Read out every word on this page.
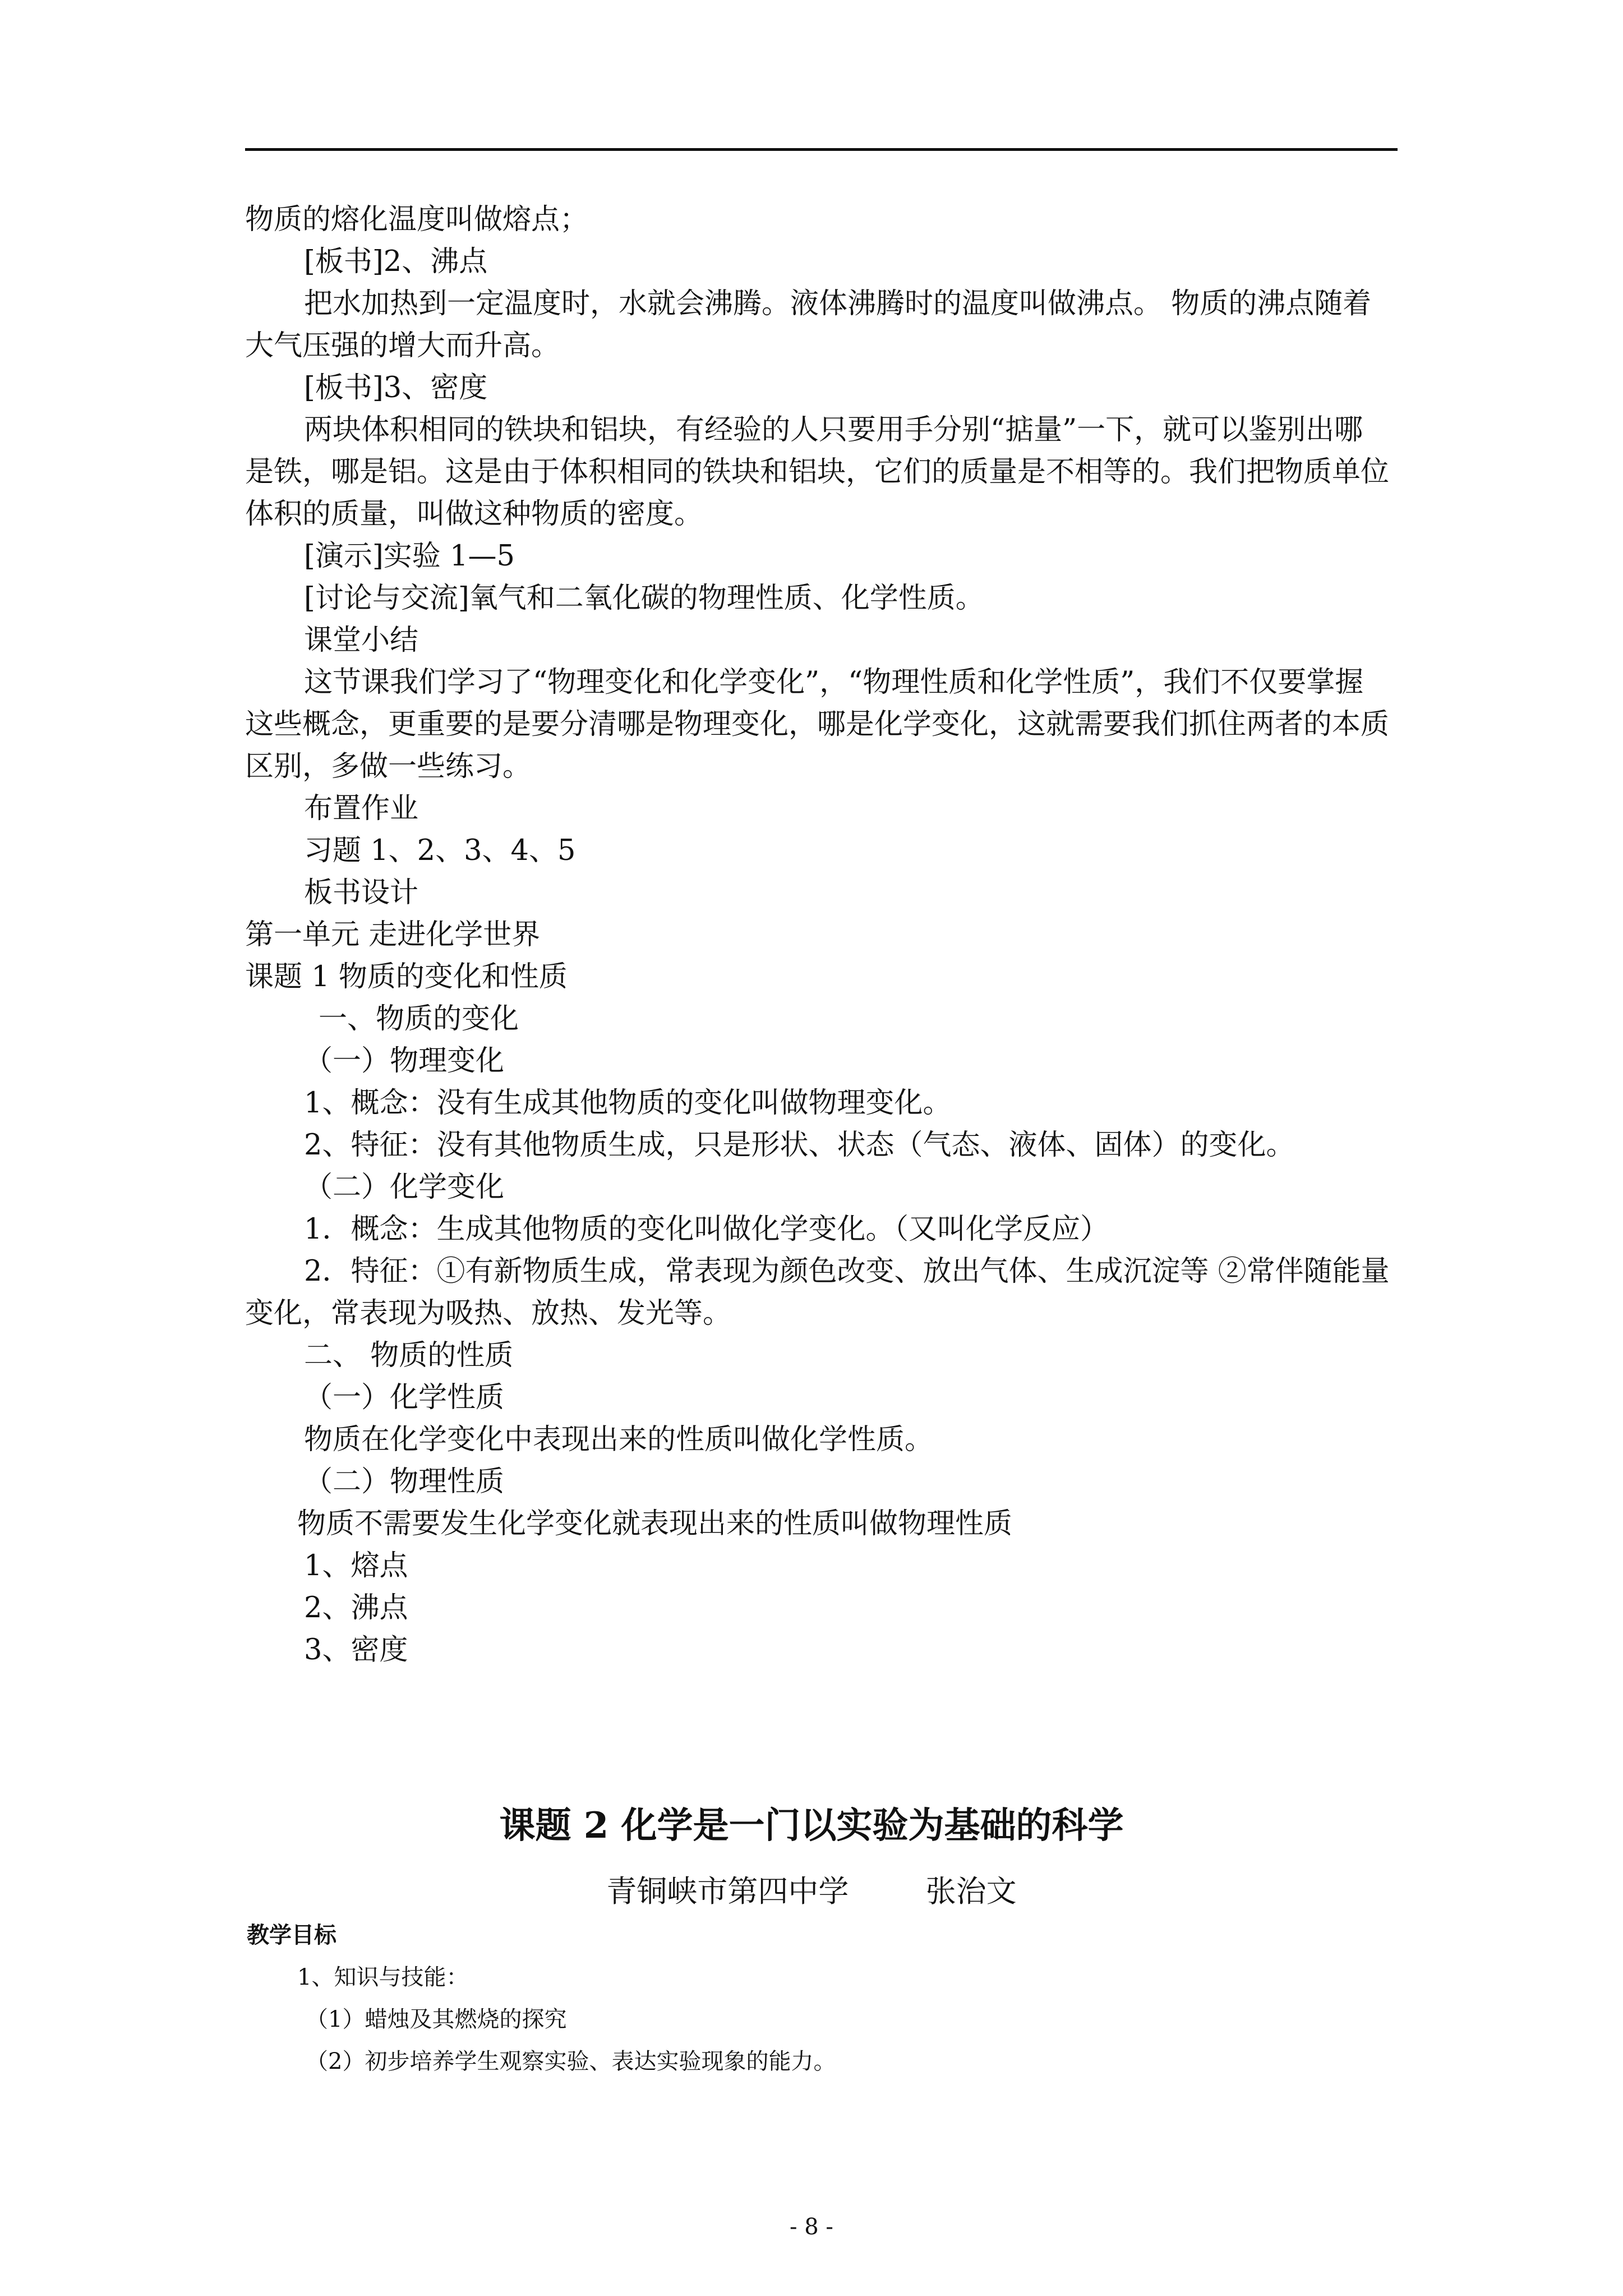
物质的熔化温度叫做熔点；
[板书]2、沸点
把水加热到一定温度时，水就会沸腾。液体沸腾时的温度叫做沸点。 物质的沸点随着
大气压强的增大而升高。
[板书]3、密度
两块体积相同的铁块和铝块，有经验的人只要用手分别“掂量”一下，就可以鉴别出哪
是铁，哪是铝。这是由于体积相同的铁块和铝块，它们的质量是不相等的。我们把物质单位
体积的质量，叫做这种物质的密度。
[演示]实验 1—5
[讨论与交流]氧气和二氧化碳的物理性质、化学性质。
课堂小结
这节课我们学习了“物理变化和化学变化”，“物理性质和化学性质”，我们不仅要掌握
这些概念，更重要的是要分清哪是物理变化，哪是化学变化，这就需要我们抓住两者的本质
区别，多做一些练习。
布置作业
习题 1、2、3、4、5
板书设计
第一单元 走进化学世界
课题 1 物质的变化和性质
一、物质的变化
（一）物理变化
1、概念：没有生成其他物质的变化叫做物理变化。
2、特征：没有其他物质生成，只是形状、状态（气态、液体、固体）的变化。
（二）化学变化
1．概念：生成其他物质的变化叫做化学变化。（又叫化学反应）
2．特征：①有新物质生成，常表现为颜色改变、放出气体、生成沉淀等 ②常伴随能量
变化，常表现为吸热、放热、发光等。
二、 物质的性质
（一）化学性质
物质在化学变化中表现出来的性质叫做化学性质。
（二）物理性质
物质不需要发生化学变化就表现出来的性质叫做物理性质
1、熔点
2、沸点
3、密度
课题 2 化学是一门以实验为基础的科学
青铜峡市第四中学        张治文
教学目标
1、知识与技能：
（1）蜡烛及其燃烧的探究
（2）初步培养学生观察实验、表达实验现象的能力。
- 8 -
